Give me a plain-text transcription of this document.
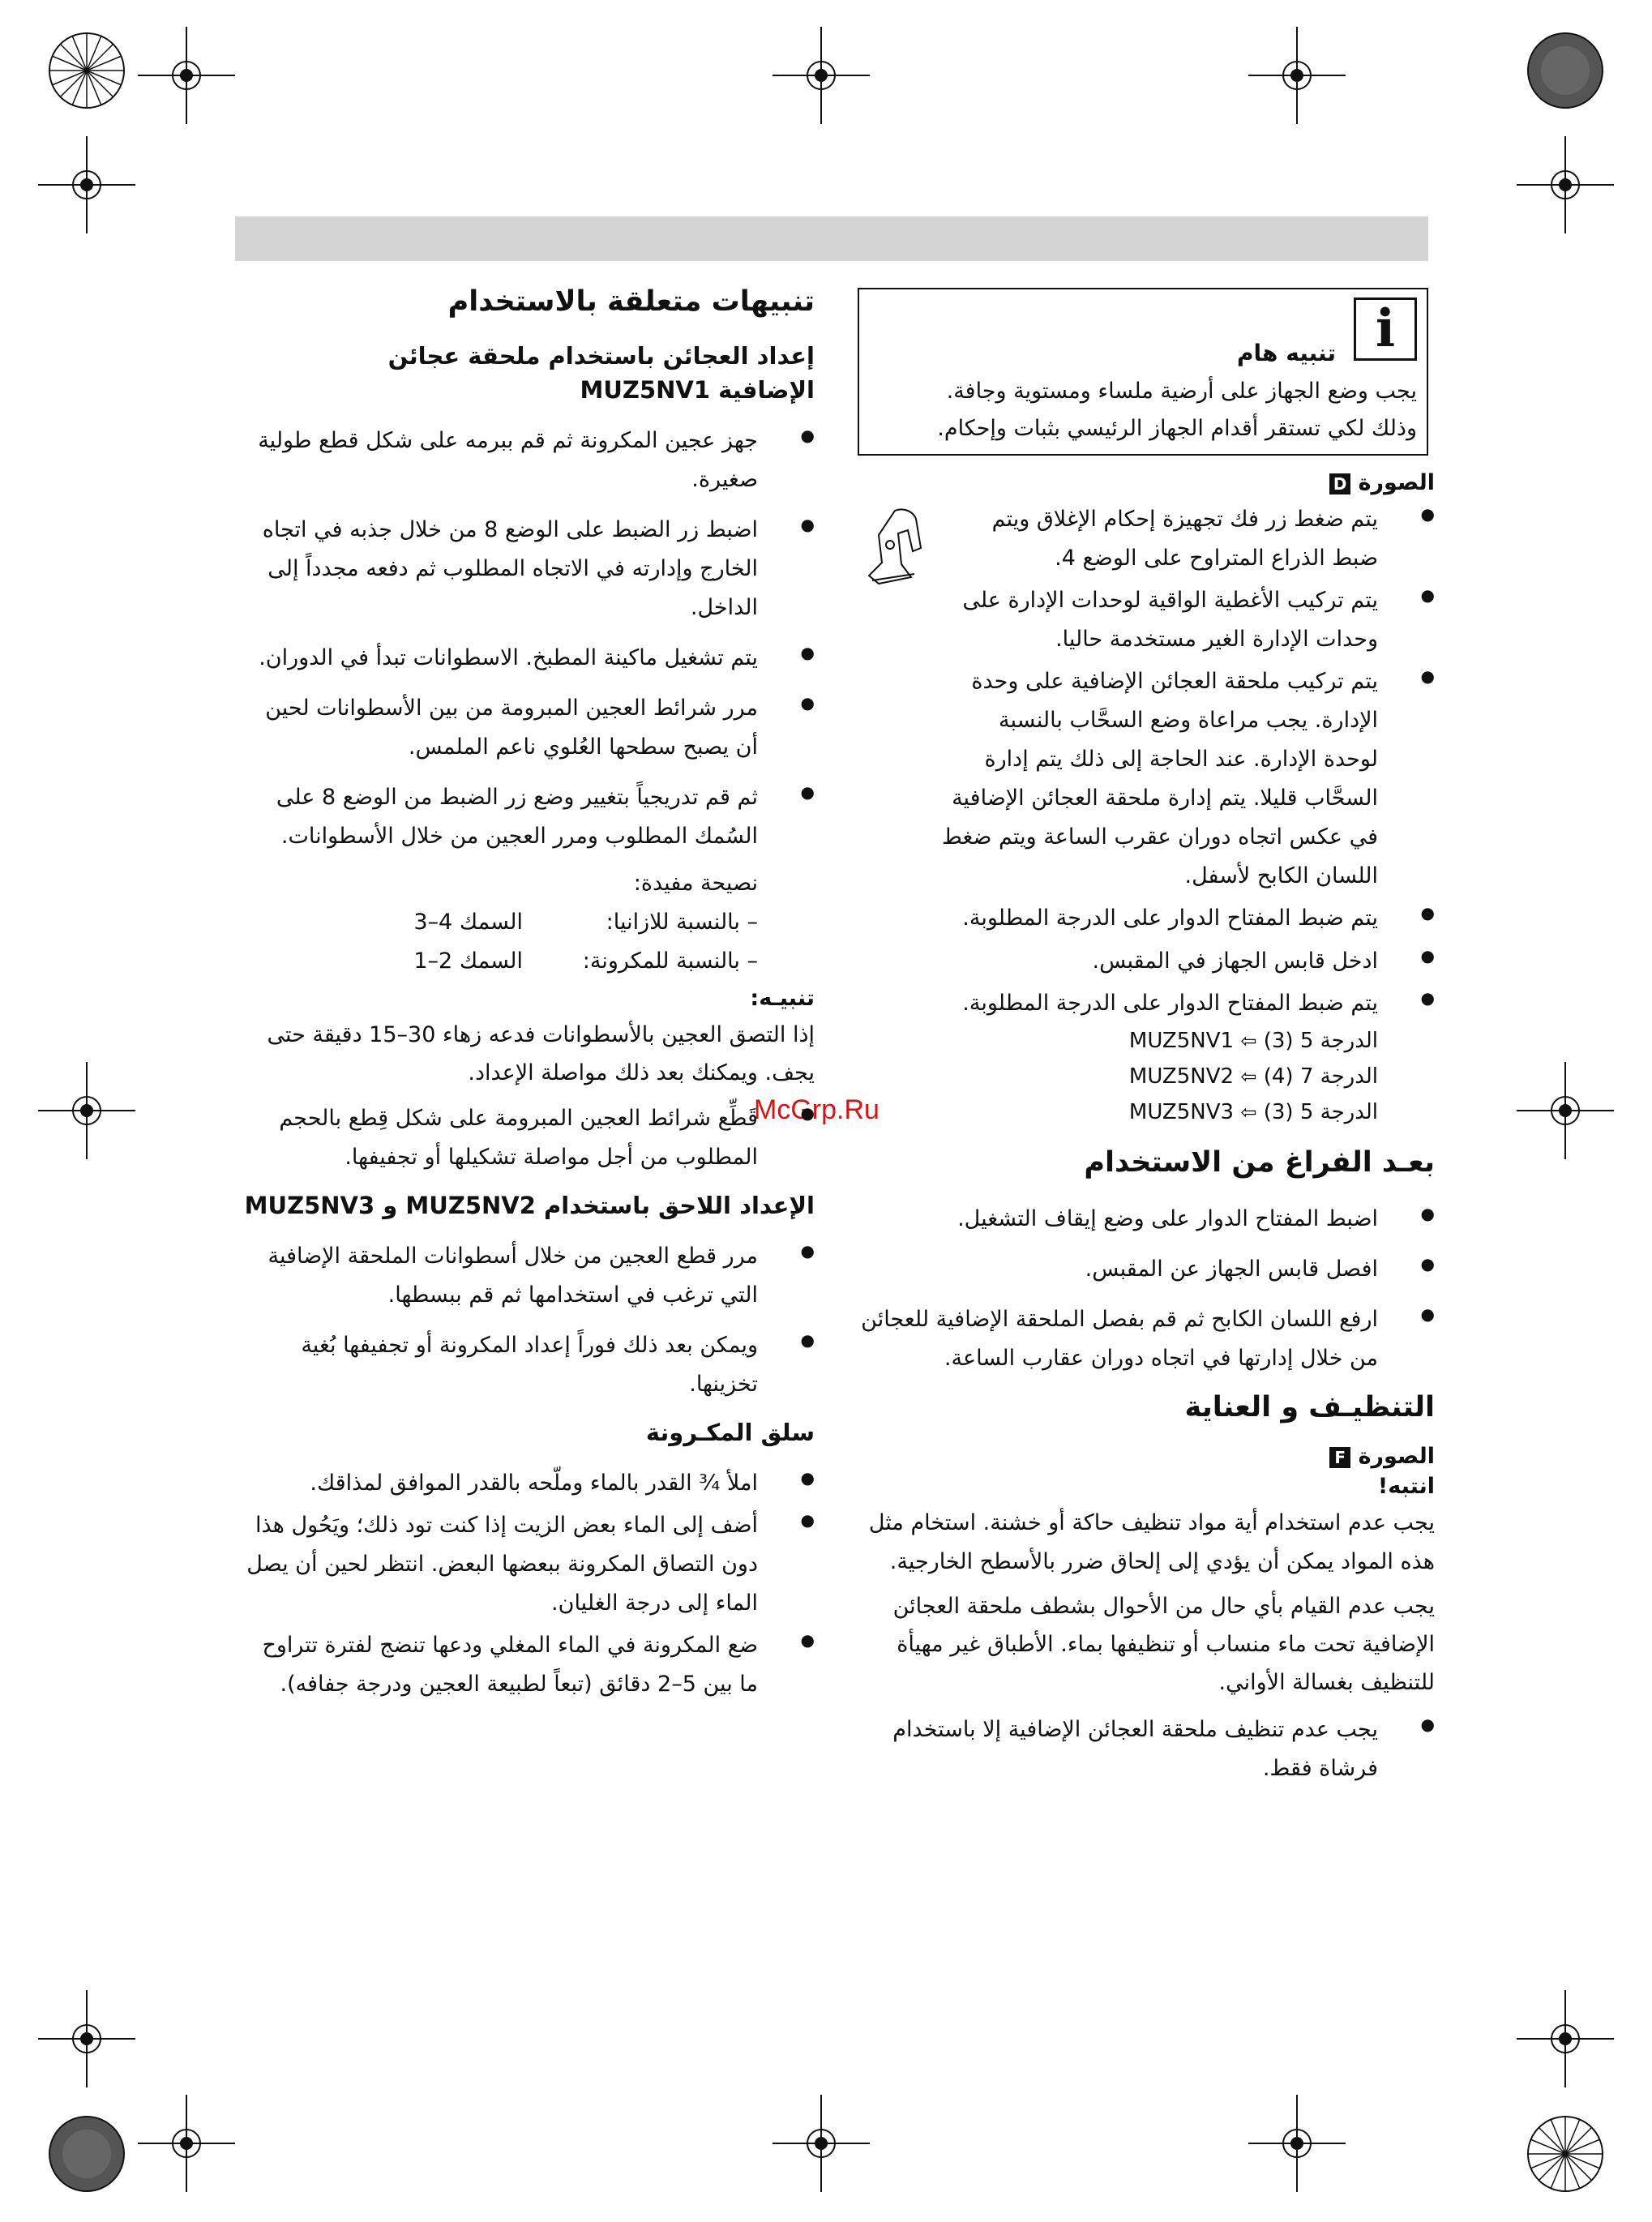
i
تنبيه هام
يجب وضع الجهاز على أرضية ملساء ومستوية وجافة.
وذلك لكي تستقر أقدام الجهاز الرئيسي بثبات وإحكام.
McGrp.Ru
الصورة D
● يتم ضغط زر فك تجهيزة إحكام الإغلاق ويتم ضبط الذراع المتراوح على الوضع 4.
● يتم تركيب الأغطية الواقية لوحدات الإدارة على وحدات الإدارة الغير مستخدمة حاليا.
● يتم تركيب ملحقة العجائن الإضافية على وحدة الإدارة. يجب مراعاة وضع السحَّاب بالنسبة لوحدة الإدارة. عند الحاجة إلى ذلك يتم إدارة السحَّاب قليلا. يتم إدارة ملحقة العجائن الإضافية في عكس اتجاه دوران عقرب الساعة ويتم ضغط اللسان الكابح لأسفل.
● يتم ضبط المفتاح الدوار على الدرجة المطلوبة.
● ادخل قابس الجهاز في المقبس.
● يتم ضبط المفتاح الدوار على الدرجة المطلوبة.
الدرجة 5 (3) ⇦ MUZ5NV1
الدرجة 7 (4) ⇦ MUZ5NV2
الدرجة 5 (3) ⇦ MUZ5NV3
بعـد الفراغ من الاستخدام
● اضبط المفتاح الدوار على وضع إيقاف التشغيل.
● افصل قابس الجهاز عن المقبس.
● ارفع اللسان الكابح ثم قم بفصل الملحقة الإضافية للعجائن من خلال إدارتها في اتجاه دوران عقارب الساعة.
التنظيـف و العناية
الصورة F
انتبه!

يجب عدم استخدام أية مواد تنظيف حاكة أو خشنة. استخام مثل هذه المواد يمكن أن يؤدي إلى إلحاق ضرر بالأسطح الخارجية.

يجب عدم القيام بأي حال من الأحوال بشطف ملحقة العجائن الإضافية تحت ماء منساب أو تنظيفها بماء. الأطباق غير مهيأة للتنظيف بغسالة الأواني.

● يجب عدم تنظيف ملحقة العجائن الإضافية إلا باستخدام فرشاة فقط.
تنبيهات متعلقة بالاستخدام
إعداد العجائن باستخدام ملحقة عجائن
الإضافية MUZ5NV1
● جهز عجين المكرونة ثم قم ببرمه على شكل قطع طولية صغيرة.
● اضبط زر الضبط على الوضع 8 من خلال جذبه في اتجاه الخارج وإدارته في الاتجاه المطلوب ثم دفعه مجدداً إلى الداخل.
● يتم تشغيل ماكينة المطبخ. الاسطوانات تبدأ في الدوران.
● مرر شرائط العجين المبرومة من بين الأسطوانات لحين أن يصبح سطحها العُلوي ناعم الملمس.
● ثم قم تدريجياً بتغيير وضع زر الضبط من الوضع 8 على السُمك المطلوب ومرر العجين من خلال الأسطوانات.
نصيحة مفيدة:
– بالنسبة للازانيا:
السمك 4–3
– بالنسبة للمكرونة:
السمك 2–1
تنبيـه:

إذا التصق العجين بالأسطوانات فدعه زهاء 30–15 دقيقة حتى يجف. ويمكنك بعد ذلك مواصلة الإعداد.

● قَطِّع شرائط العجين المبرومة على شكل قِطع بالحجم المطلوب من أجل مواصلة تشكيلها أو تجفيفها.
الإعداد اللاحق باستخدام MUZ5NV2 و MUZ5NV3
● مرر قطع العجين من خلال أسطوانات الملحقة الإضافية التي ترغب في استخدامها ثم قم ببسطها.
● ويمكن بعد ذلك فوراً إعداد المكرونة أو تجفيفها بُغية تخزينها.
سلق المكـرونة
● املأ ¾ القدر بالماء وملّحه بالقدر الموافق لمذاقك.
● أضف إلى الماء بعض الزيت إذا كنت تود ذلك؛ ويَحُول هذا دون التصاق المكرونة ببعضها البعض. انتظر لحين أن يصل الماء إلى درجة الغليان.
● ضع المكرونة في الماء المغلي ودعها تنضج لفترة تتراوح ما بين 5–2 دقائق (تبعاً لطبيعة العجين ودرجة جفافه).
